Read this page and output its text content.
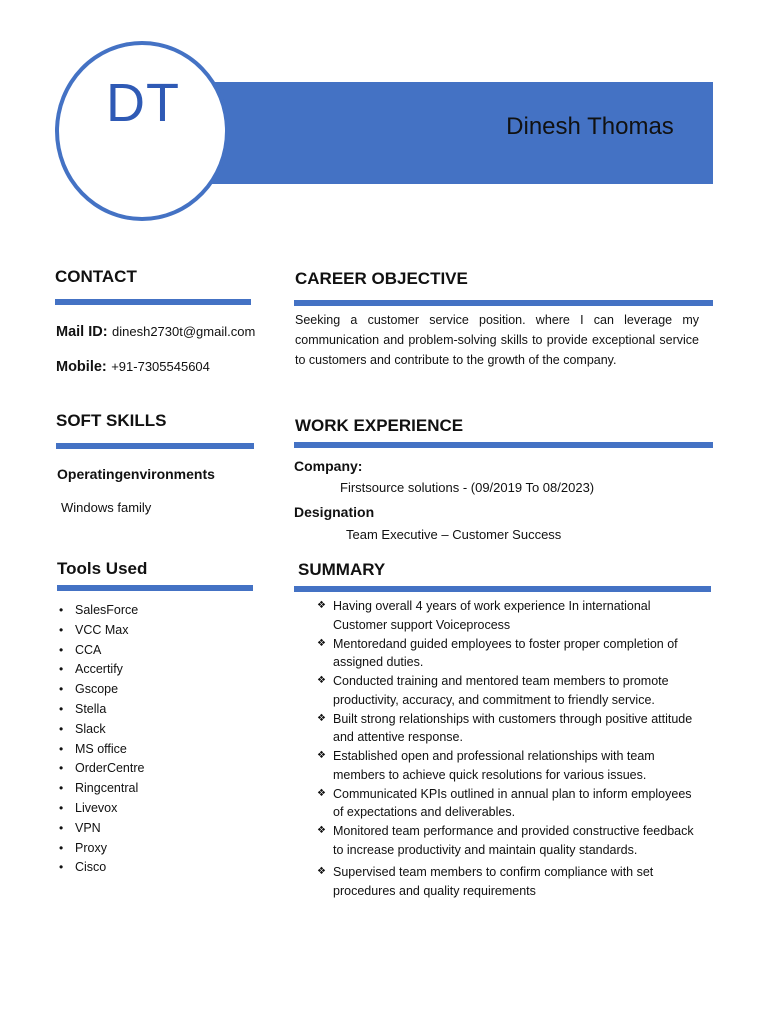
DT	Dinesh Thomas
CONTACT
Mail ID: dinesh2730t@gmail.com
Mobile: +91-7305545604
SOFT SKILLS
Operatingenvironments
Windows family
Tools Used
• SalesForce
• VCC Max
• CCA
• Accertify
• Gscope
• Stella
• Slack
• MS office
• OrderCentre
• Ringcentral
• Livevox
• VPN
• Proxy
• Cisco
CAREER OBJECTIVE
Seeking a customer service position. where I can leverage my communication and problem-solving skills to provide exceptional service to customers and contribute to the growth of the company.
WORK EXPERIENCE
Company:
Firstsource solutions - (09/2019 To 08/2023)
Designation
Team Executive – Customer Success
SUMMARY
❖ Having overall 4 years of work experience In international Customer support Voiceprocess
❖ Mentoredand guided employees to foster proper completion of assigned duties.
❖ Conducted training and mentored team members to promote productivity, accuracy, and commitment to friendly service.
❖ Built strong relationships with customers through positive attitude and attentive response.
❖ Established open and professional relationships with team members to achieve quick resolutions for various issues.
❖ Communicated KPIs outlined in annual plan to inform employees of expectations and deliverables.
❖ Monitored team performance and provided constructive feedback to increase productivity and maintain quality standards.
❖ Supervised team members to confirm compliance with set procedures and quality requirements
